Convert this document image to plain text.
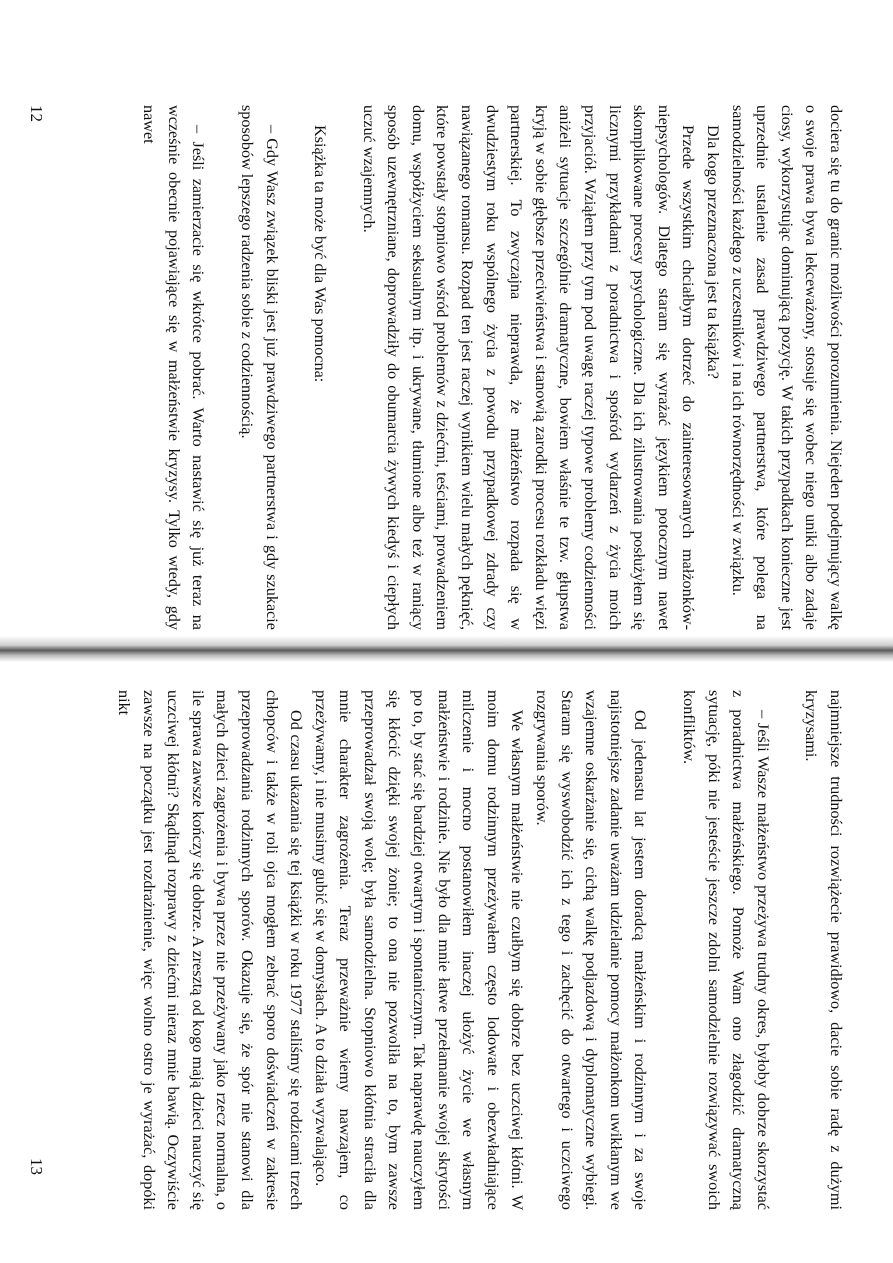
dociera się tu do granic możliwości porozumienia. Niejeden podejmujący walkę o swoje prawa bywa lekceważony, stosuje się wobec niego uniki albo zadaje ciosy, wykorzystując dominującą pozycję. W takich przypadkach konieczne jest uprzednie ustalenie zasad prawdziwego partnerstwa, które polega na samodzielności każdego z uczestników i na ich równorzędności w związku.

Dla kogo przeznaczona jest ta książka?

Przede wszystkim chciałbym dotrzeć do zainteresowanych małżonków-niepsychologów. Dlatego staram się wyrażać językiem potocznym nawet skomplikowane procesy psychologiczne. Dla ich zilustrowania posłużyłem się licznymi przykładami z poradnictwa i spośród wydarzeń z życia moich przyjaciół. Wziąłem przy tym pod uwagę raczej typowe problemy codzienności aniżeli sytuacje szczególnie dramatyczne, bowiem właśnie te tzw. głupstwa kryją w sobie głębsze przeciwieństwa i stanowią zarodki procesu rozkładu więzi partnerskiej. To zwyczajna nieprawda, że małżeństwo rozpada się w dwudziestym roku wspólnego życia z powodu przypadkowej zdrady czy nawiązanego romansu. Rozpad ten jest raczej wynikiem wielu małych pęknięć, które powstały stopniowo wśród problemów z dziećmi, teściami, prowadzeniem domu, współżyciem seksualnym itp. i ukrywane, tłumione albo też w raniący sposób uzewnętrzniane, doprowadziły do obumarcia żywych kiedyś i ciepłych uczuć wzajemnych.

Książka ta może być dla Was pomocna:

– Gdy Wasz związek bliski jest już prawdziwego partnerstwa i gdy szukacie sposobów lepszego radzenia sobie z codziennością.

– Jeśli zamierzacie się wkrótce pobrać. Warto nastawić się już teraz na wcześnie obecnie pojawiające się w małżeństwie kryzysy. Tylko wtedy, gdy nawet

12

najmniejsze trudności rozwiążecie prawidłowo, dacie sobie radę z dużymi kryzysami.

– Jeśli Wasze małżeństwo przeżywa trudny okres, byłoby dobrze skorzystać z poradnictwa małżeńskiego. Pomoże Wam ono złagodzić dramatyczną sytuację, póki nie jesteście jeszcze zdolni samodzielnie rozwiązywać swoich konfliktów.

Od jedenastu lat jestem doradcą małżeńskim i rodzinnym i za swoje najistotniejsze zadanie uważam udzielanie pomocy małżonkom uwikłanym we wzajemne oskarżanie się, cichą walkę podjazdową i dyplomatyczne wybiegi. Staram się wyswobodzić ich z tego i zachęcić do otwartego i uczciwego rozgrywania sporów.

We własnym małżeństwie nie czułbym się dobrze bez uczciwej kłótni. W moim domu rodzinnym przeżywałem często lodowate i obezwładniające milczenie i mocno postanowiłem inaczej ułożyć życie we własnym małżeństwie i rodzinie. Nie było dla mnie łatwe przełamanie swojej skrytości po to, by stać się bardziej otwartym i spontanicznym. Tak naprawdę nauczyłem się kłócić dzięki swojej żonie; to ona nie pozwoliła na to, bym zawsze przeprowadzał swoją wolę; była samodzielna. Stopniowo kłótnia straciła dla mnie charakter zagrożenia. Teraz przeważnie wiemy nawzajem, co przeżywamy, i nie musimy gubić się w domysłach. A to działa wyzwalająco.

Od czasu ukazania się tej książki w roku 1977 staliśmy się rodzicami trzech chłopców i także w roli ojca mogłem zebrać sporo doświadczeń w zakresie przeprowadzania rodzinnych sporów. Okazuje się, że spór nie stanowi dla małych dzieci zagrożenia i bywa przez nie przeżywany jako rzecz normalna, o ile sprawa zawsze kończy się dobrze. A zresztą od kogo mają dzieci nauczyć się uczciwej kłótni? Skądinąd rozprawy z dziećmi nieraz mnie bawią. Oczywiście zawsze na początku jest rozdrażnienie, więc wolno ostro je wyrażać, dopóki nikt

13
